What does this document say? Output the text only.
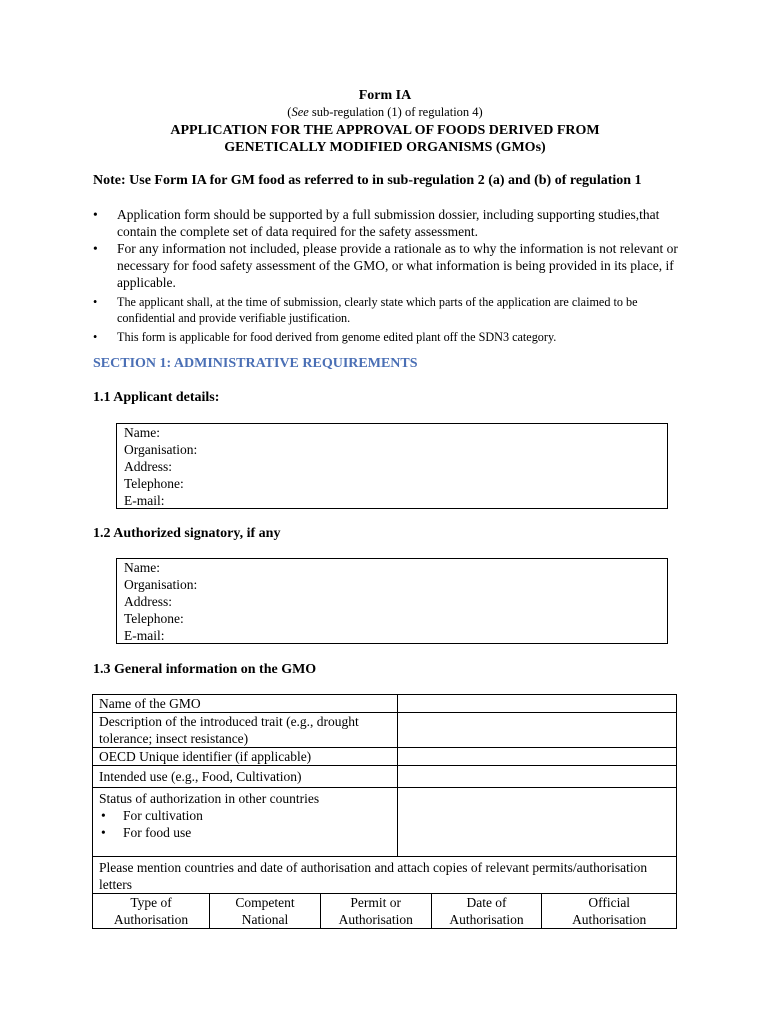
Form IA
(See sub-regulation (1) of regulation 4)
APPLICATION FOR THE APPROVAL OF FOODS DERIVED FROM
GENETICALLY MODIFIED ORGANISMS (GMOs)
Note: Use Form IA for GM food as referred to in sub-regulation 2 (a) and (b) of regulation 1
• Application form should be supported by a full submission dossier, including supporting studies,that contain the complete set of data required for the safety assessment.
• For any information not included, please provide a rationale as to why the information is not relevant or necessary for food safety assessment of the GMO, or what information is being provided in its place, if applicable.
• The applicant shall, at the time of submission, clearly state which parts of the application are claimed to be confidential and provide verifiable justification.
• This form is applicable for food derived from genome edited plant off the SDN3 category.
SECTION 1: ADMINISTRATIVE REQUIREMENTS
1.1 Applicant details:
Name:
Organisation:
Address:
Telephone:
E-mail:
1.2 Authorized signatory, if any
Name:
Organisation:
Address:
Telephone:
E-mail:
1.3 General information on the GMO
Name of the GMO	
Description of the introduced trait (e.g., drought tolerance; insect resistance)	
OECD Unique identifier (if applicable)	
Intended use (e.g., Food, Cultivation)	

Status of authorization in other countries
• For cultivation
• For food use

Please mention countries and date of authorisation and attach copies of relevant permits/authorisation letters

Type of
Authorisation

Competent
National

Permit or
Authorisation

Date of
Authorisation

Official
Authorisation
